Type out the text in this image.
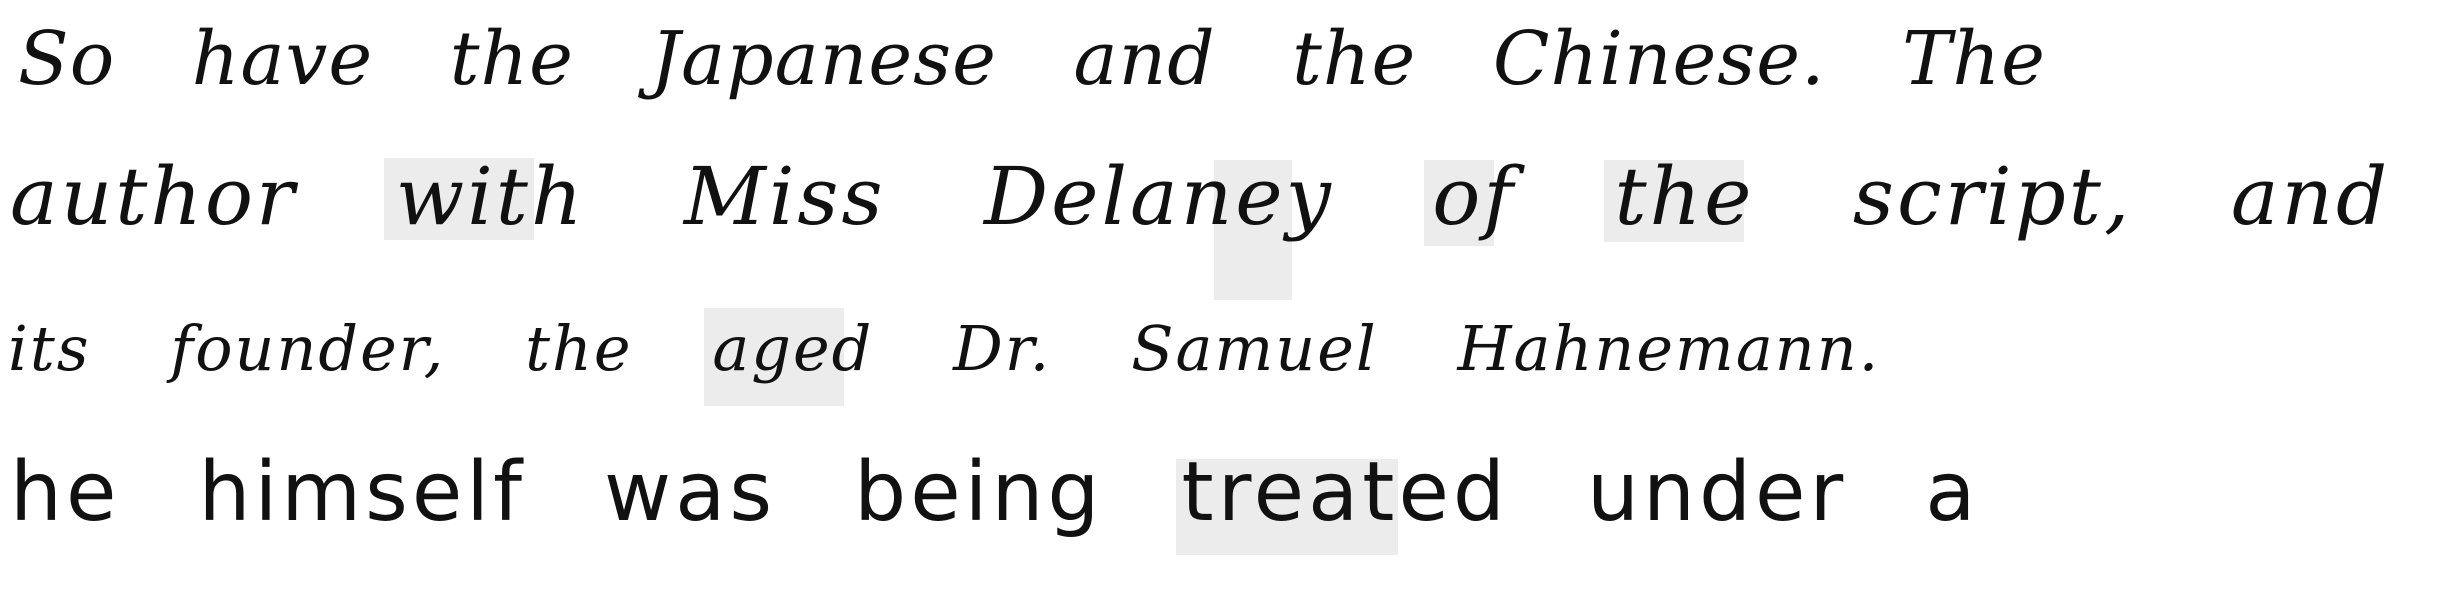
So have the Japanese and the Chinese. The
author with Miss Delaney of the script, and
its founder, the aged Dr. Samuel Hahnemann.
he himself was being treated under a
